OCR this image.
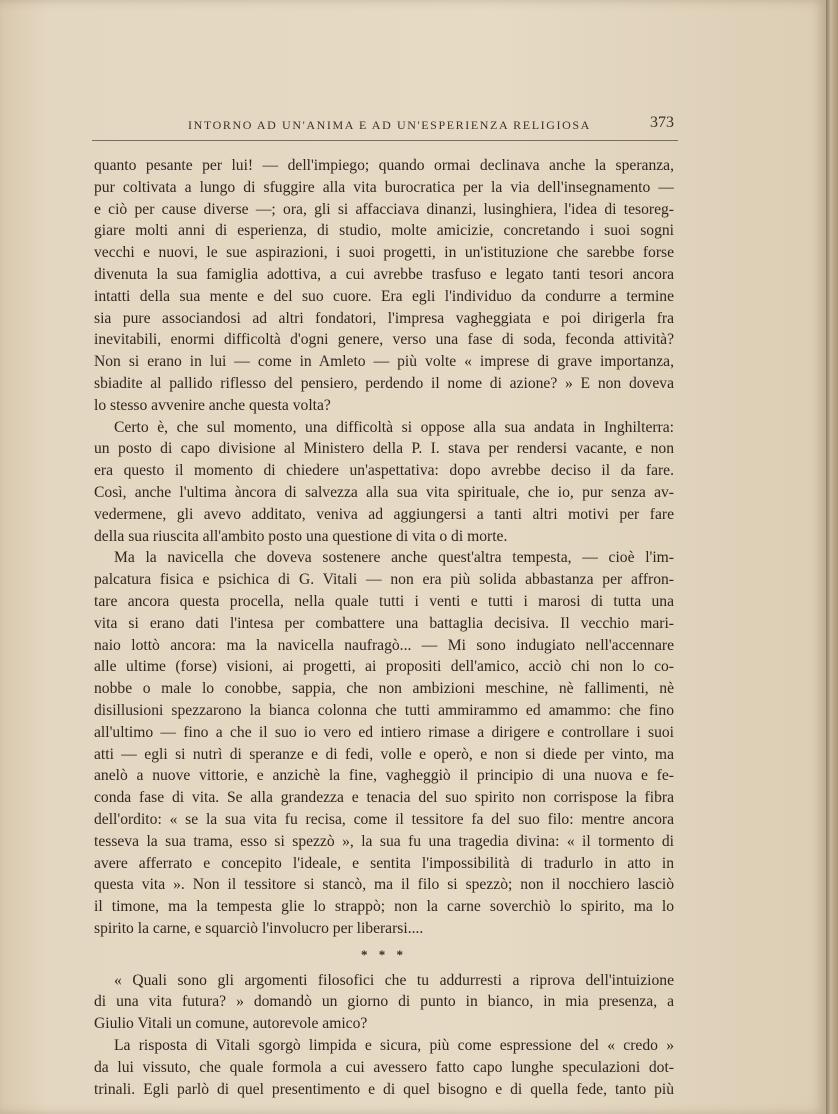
INTORNO AD UN'ANIMA E AD UN'ESPERIENZA RELIGIOSA	373
quanto pesante per lui! — dell'impiego; quando ormai declinava anche la speranza,
pur coltivata a lungo di sfuggire alla vita burocratica per la via dell'insegnamento —
e ciò per cause diverse —; ora, gli si affacciava dinanzi, lusinghiera, l'idea di tesoreg-
giare molti anni di esperienza, di studio, molte amicizie, concretando i suoi sogni
vecchi e nuovi, le sue aspirazioni, i suoi progetti, in un'istituzione che sarebbe forse
divenuta la sua famiglia adottiva, a cui avrebbe trasfuso e legato tanti tesori ancora
intatti della sua mente e del suo cuore. Era egli l'individuo da condurre a termine
sia pure associandosi ad altri fondatori, l'impresa vagheggiata e poi dirigerla fra
inevitabili, enormi difficoltà d'ogni genere, verso una fase di soda, feconda attività?
Non si erano in lui — come in Amleto — più volte « imprese di grave importanza,
sbiadite al pallido riflesso del pensiero, perdendo il nome di azione? » E non doveva
lo stesso avvenire anche questa volta?
Certo è, che sul momento, una difficoltà si oppose alla sua andata in Inghilterra:
un posto di capo divisione al Ministero della P. I. stava per rendersi vacante, e non
era questo il momento di chiedere un'aspettativa: dopo avrebbe deciso il da fare.
Così, anche l'ultima àncora di salvezza alla sua vita spirituale, che io, pur senza av-
vedermene, gli avevo additato, veniva ad aggiungersi a tanti altri motivi per fare
della sua riuscita all'ambito posto una questione di vita o di morte.
Ma la navicella che doveva sostenere anche quest'altra tempesta, — cioè l'im-
palcatura fisica e psichica di G. Vitali — non era più solida abbastanza per affron-
tare ancora questa procella, nella quale tutti i venti e tutti i marosi di tutta una
vita si erano dati l'intesa per combattere una battaglia decisiva. Il vecchio mari-
naio lottò ancora: ma la navicella naufragò... — Mi sono indugiato nell'accennare
alle ultime (forse) visioni, ai progetti, ai propositi dell'amico, acciò chi non lo co-
nobbe o male lo conobbe, sappia, che non ambizioni meschine, nè fallimenti, nè
disillusioni spezzarono la bianca colonna che tutti ammirammo ed amammo: che fino
all'ultimo — fino a che il suo io vero ed intiero rimase a dirigere e controllare i suoi
atti — egli si nutrì di speranze e di fedi, volle e operò, e non si diede per vinto, ma
anelò a nuove vittorie, e anzichè la fine, vagheggiò il principio di una nuova e fe-
conda fase di vita. Se alla grandezza e tenacia del suo spirito non corrispose la fibra
dell'ordito: « se la sua vita fu recisa, come il tessitore fa del suo filo: mentre ancora
tesseva la sua trama, esso si spezzò », la sua fu una tragedia divina: « il tormento di
avere afferrato e concepito l'ideale, e sentita l'impossibilità di tradurlo in atto in
questa vita ». Non il tessitore si stancò, ma il filo si spezzò; non il nocchiero lasciò
il timone, ma la tempesta glie lo strappò; non la carne soverchiò lo spirito, ma lo
spirito la carne, e squarciò l'involucro per liberarsi....
* * *
« Quali sono gli argomenti filosofici che tu addurresti a riprova dell'intuizione
di una vita futura? » domandò un giorno di punto in bianco, in mia presenza, a
Giulio Vitali un comune, autorevole amico?
La risposta di Vitali sgorgò limpida e sicura, più come espressione del « credo »
da lui vissuto, che quale formola a cui avessero fatto capo lunghe speculazioni dot-
trinali. Egli parlò di quel presentimento e di quel bisogno e di quella fede, tanto più
